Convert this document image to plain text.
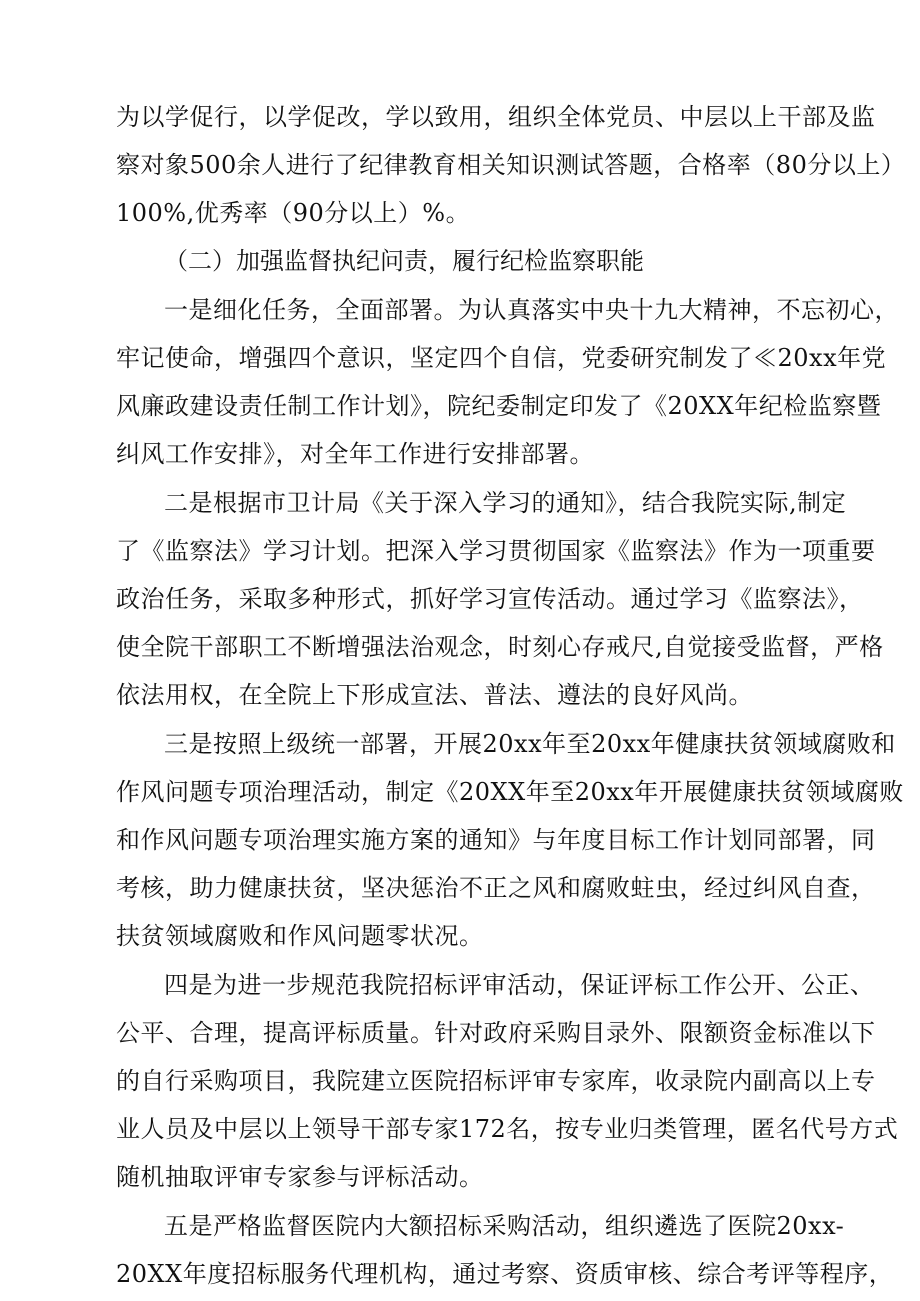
为以学促行，以学促改，学以致用，组织全体党员、中层以上干部及监
察对象500余人进行了纪律教育相关知识测试答题，合格率（80分以上）
100%,优秀率（90分以上）%。
（二）加强监督执纪问责，履行纪检监察职能
一是细化任务，全面部署。为认真落实中央十九大精神，不忘初心，
牢记使命，增强四个意识，坚定四个自信，党委研究制发了≪20xx年党
风廉政建设责任制工作计划》，院纪委制定印发了《20XX年纪检监察暨
纠风工作安排》，对全年工作进行安排部署。
二是根据市卫计局《关于深入学习的通知》，结合我院实际,制定
了《监察法》学习计划。把深入学习贯彻国家《监察法》作为一项重要
政治任务，采取多种形式，抓好学习宣传活动。通过学习《监察法》，
使全院干部职工不断增强法治观念，时刻心存戒尺,自觉接受监督，严格
依法用权，在全院上下形成宣法、普法、遵法的良好风尚。
三是按照上级统一部署，开展20xx年至20xx年健康扶贫领域腐败和
作风问题专项治理活动，制定《20XX年至20xx年开展健康扶贫领域腐败
和作风问题专项治理实施方案的通知》与年度目标工作计划同部署，同
考核，助力健康扶贫，坚决惩治不正之风和腐败蛀虫，经过纠风自查，
扶贫领域腐败和作风问题零状况。
四是为进一步规范我院招标评审活动，保证评标工作公开、公正、
公平、合理，提高评标质量。针对政府采购目录外、限额资金标准以下
的自行采购项目，我院建立医院招标评审专家库，收录院内副高以上专
业人员及中层以上领导干部专家172名，按专业归类管理，匿名代号方式
随机抽取评审专家参与评标活动。
五是严格监督医院内大额招标采购活动，组织遴选了医院20xx-
20XX年度招标服务代理机构，通过考察、资质审核、综合考评等程序，
